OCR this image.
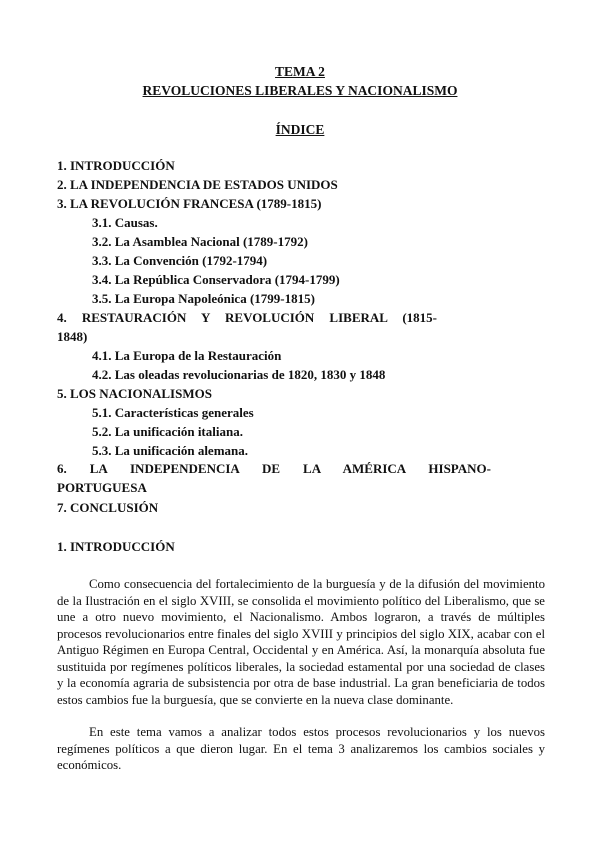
TEMA 2
REVOLUCIONES LIBERALES Y NACIONALISMO
ÍNDICE
1. INTRODUCCIÓN
2. LA INDEPENDENCIA DE ESTADOS UNIDOS
3. LA REVOLUCIÓN FRANCESA (1789-1815)
3.1. Causas.
3.2. La Asamblea Nacional (1789-1792)
3.3. La Convención (1792-1794)
3.4. La República Conservadora (1794-1799)
3.5. La Europa Napoleónica (1799-1815)
4. RESTAURACIÓN Y REVOLUCIÓN LIBERAL (1815-
1848)
4.1. La Europa de la Restauración
4.2. Las oleadas revolucionarias de 1820, 1830 y 1848
5. LOS NACIONALISMOS
5.1. Características generales
5.2. La unificación italiana.
5.3. La unificación alemana.
6. LA INDEPENDENCIA DE LA AMÉRICA HISPANO-
PORTUGUESA
7. CONCLUSIÓN
1. INTRODUCCIÓN
Como consecuencia del fortalecimiento de la burguesía y de la difusión del movimiento de la Ilustración en el siglo XVIII, se consolida el movimiento político del Liberalismo, que se une a otro nuevo movimiento, el Nacionalismo. Ambos lograron, a través de múltiples procesos revolucionarios entre finales del siglo XVIII y principios del siglo XIX, acabar con el Antiguo Régimen en Europa Central, Occidental y en América. Así, la monarquía absoluta fue sustituida por regímenes políticos liberales, la sociedad estamental por una sociedad de clases y la economía agraria de subsistencia por otra de base industrial. La gran beneficiaria de todos estos cambios fue la burguesía, que se convierte en la nueva clase dominante.
En este tema vamos a analizar todos estos procesos revolucionarios y los nuevos regímenes políticos a que dieron lugar. En el tema 3 analizaremos los cambios sociales y económicos.
